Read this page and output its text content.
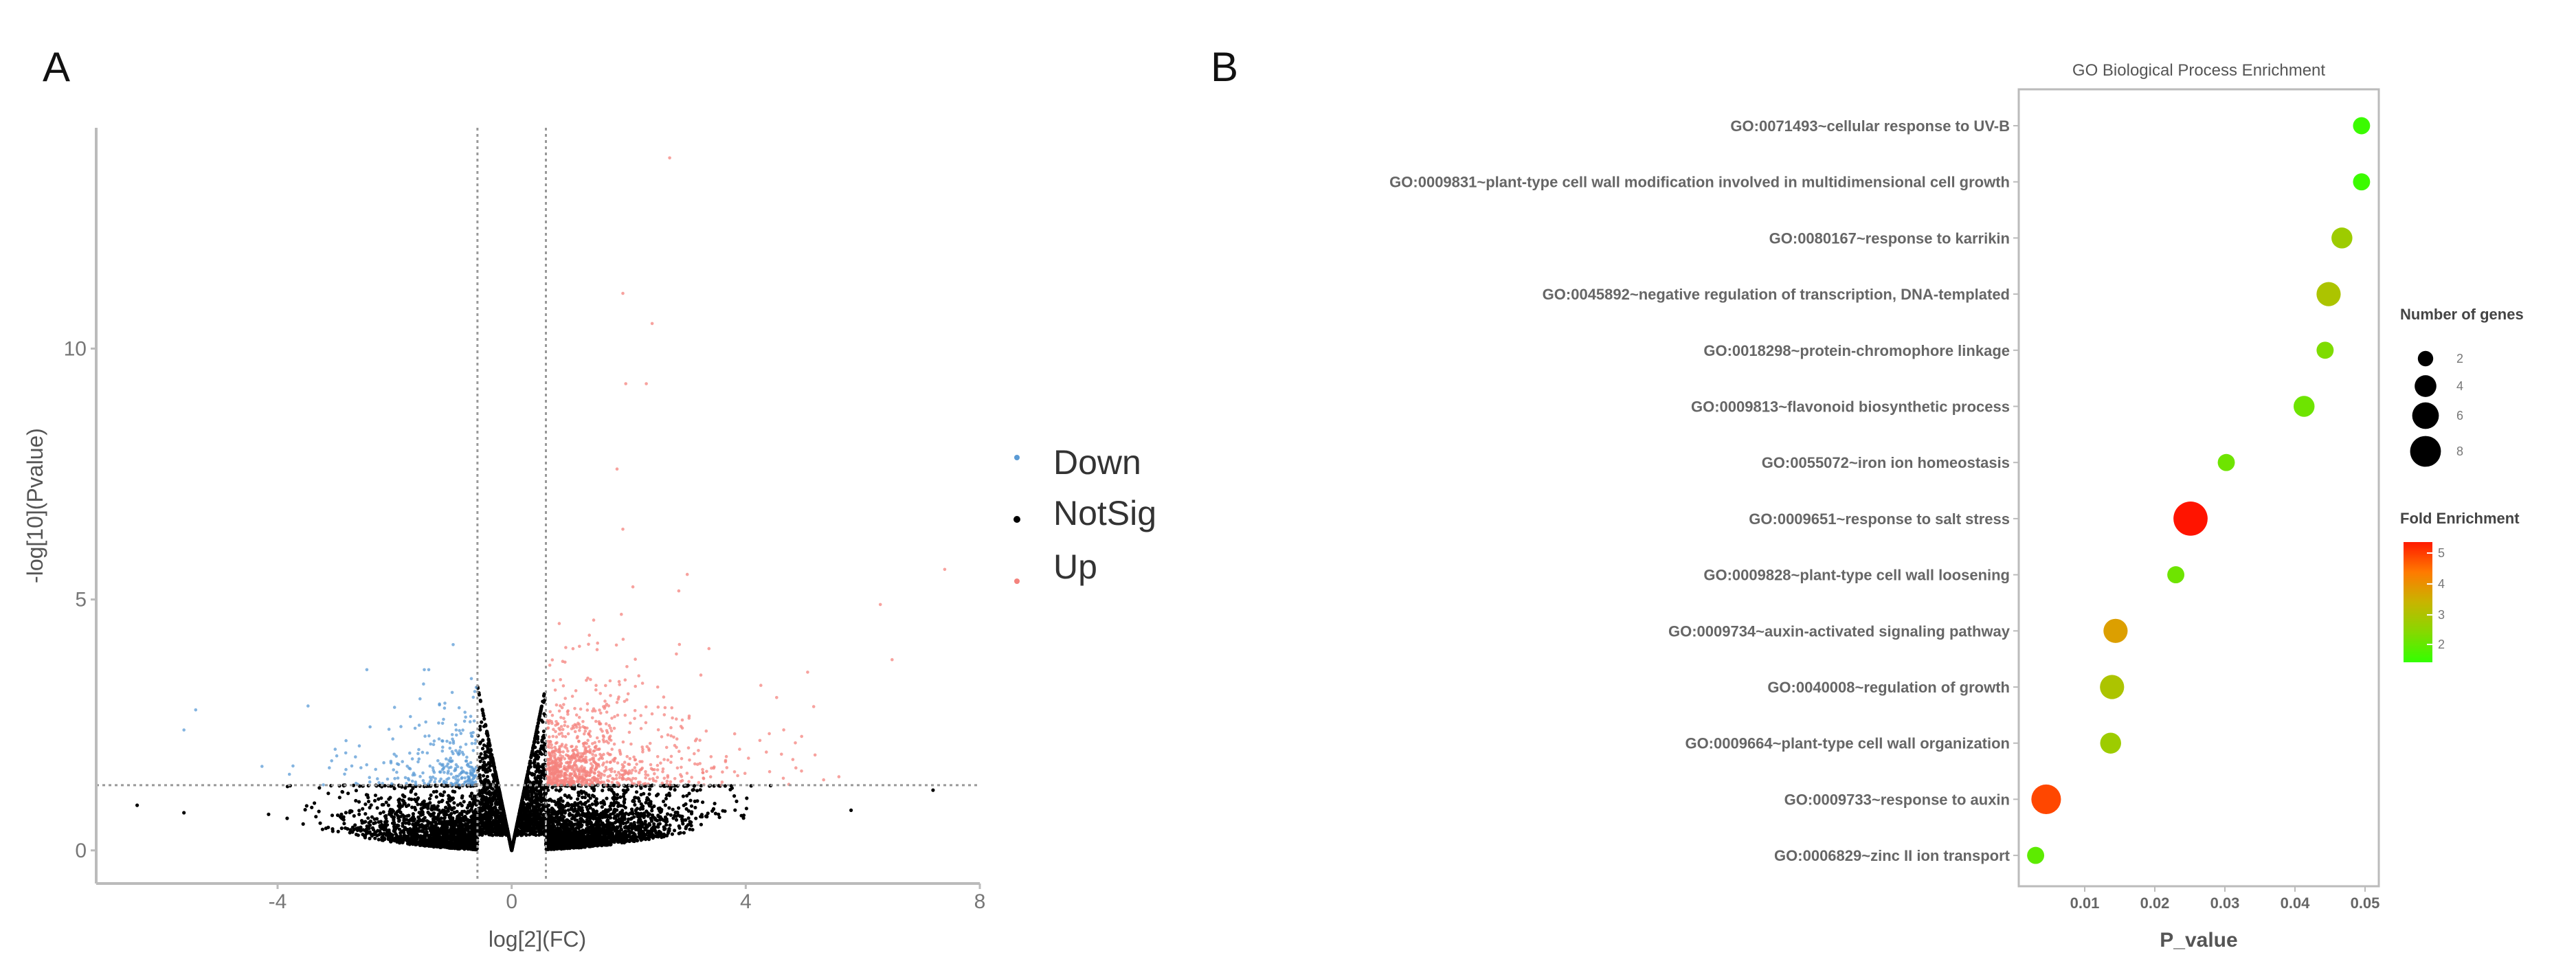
A
-4	0	4	8
0
5
10
log[2](FC)
-log[10](Pvalue)	Down
NotSig
Up
B	GO Biological Process Enrichment
GO:0071493~cellular response to UV-B
GO:0009831~plant-type cell wall modification involved in multidimensional cell growth
GO:0080167~response to karrikin
GO:0045892~negative regulation of transcription, DNA-templated
GO:0018298~protein-chromophore linkage
GO:0009813~flavonoid biosynthetic process
GO:0055072~iron ion homeostasis
GO:0009651~response to salt stress
GO:0009828~plant-type cell wall loosening
GO:0009734~auxin-activated signaling pathway
GO:0040008~regulation of growth
GO:0009664~plant-type cell wall organization
GO:0009733~response to auxin
GO:0006829~zinc II ion transport
0.01	0.02	0.03	0.04	0.05
P_value
Number of genes
2
4
6
8
Fold Enrichment
5
4
3
2
